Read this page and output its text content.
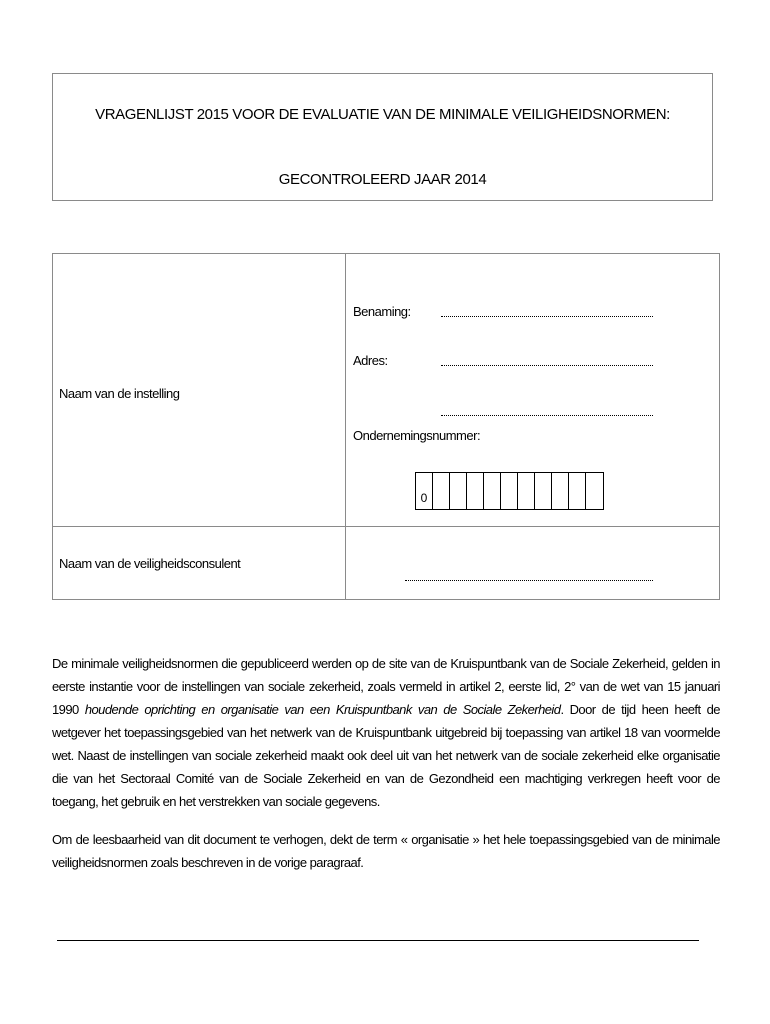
VRAGENLIJST 2015 VOOR DE EVALUATIE VAN DE MINIMALE VEILIGHEIDSNORMEN:
GECONTROLEERD JAAR 2014
Naam van de instelling
Benaming:
Adres:
Ondernemingsnummer:
0
Naam van de veiligheidsconsulent

De minimale veiligheidsnormen die gepubliceerd werden op de site van de Kruispuntbank van de Sociale Zekerheid, gelden in eerste instantie voor de instellingen van sociale zekerheid, zoals vermeld in artikel 2, eerste lid, 2° van de wet van 15 januari 1990 houdende oprichting en organisatie van een Kruispuntbank van de Sociale Zekerheid. Door de tijd heen heeft de wetgever het toepassingsgebied van het netwerk van de Kruispuntbank uitgebreid bij toepassing van artikel 18 van voormelde wet. Naast de instellingen van sociale zekerheid maakt ook deel uit van het netwerk van de sociale zekerheid elke organisatie die van het Sectoraal Comité van de Sociale Zekerheid en van de Gezondheid een machtiging verkregen heeft voor de toegang, het gebruik en het verstrekken van sociale gegevens.

Om de leesbaarheid van dit document te verhogen, dekt de term « organisatie » het hele toepassingsgebied van de minimale veiligheidsnormen zoals beschreven in de vorige paragraaf.
